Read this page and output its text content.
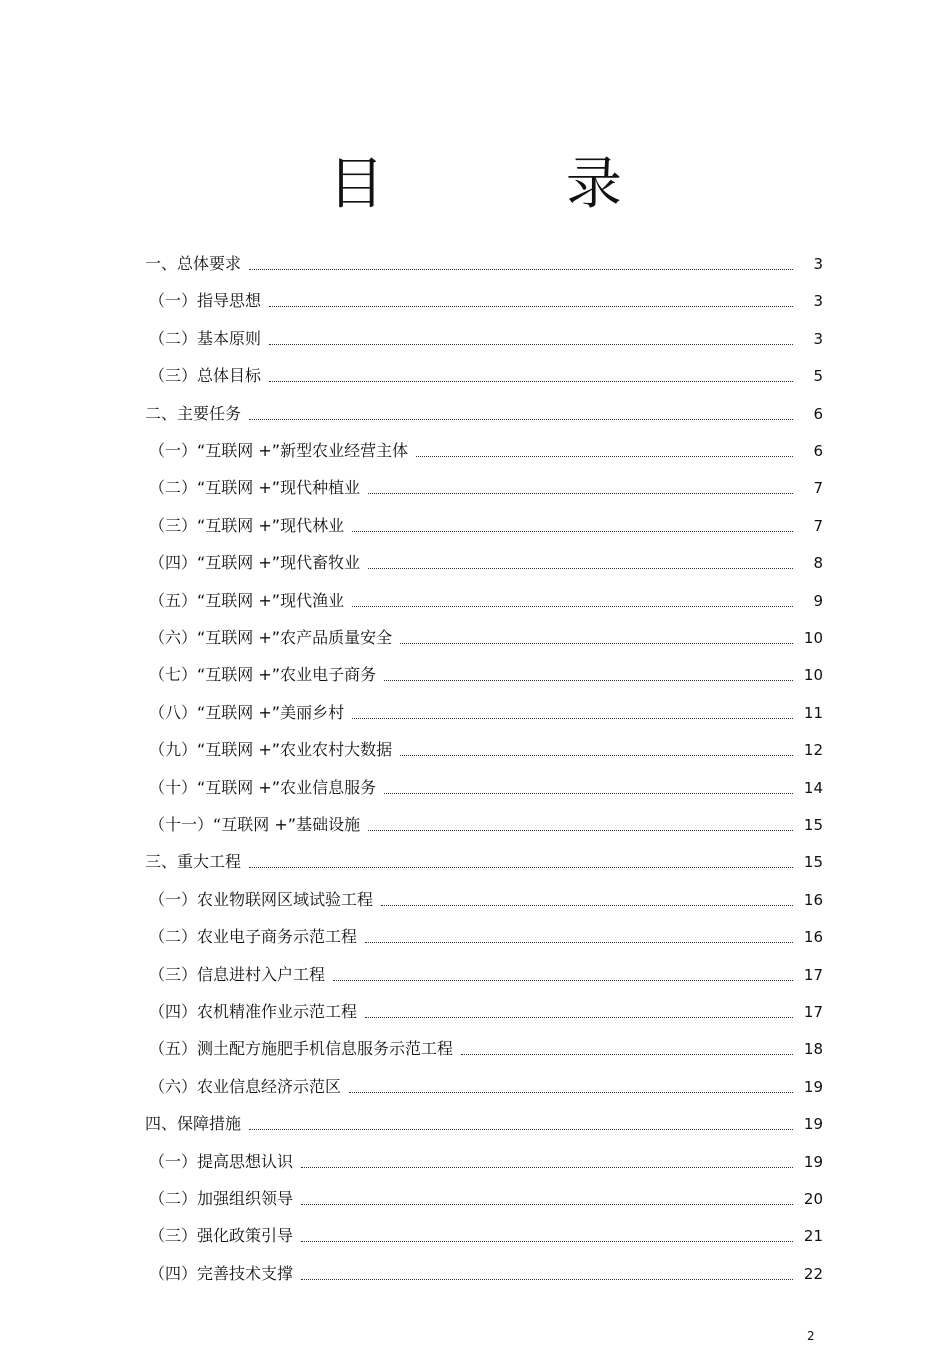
目 录
一、总体要求	3
（一）指导思想	3
（二）基本原则	3
（三）总体目标	5
二、主要任务	6
（一）“互联网 +”新型农业经营主体	6
（二）“互联网 +”现代种植业	7
（三）“互联网 +”现代林业	7
（四）“互联网 +”现代畜牧业	8
（五）“互联网 +”现代渔业	9
（六）“互联网 +”农产品质量安全	10
（七）“互联网 +”农业电子商务	10
（八）“互联网 +”美丽乡村	11
（九）“互联网 +”农业农村大数据	12
（十）“互联网 +”农业信息服务	14
（十一）“互联网 +”基础设施	15
三、重大工程	15
（一）农业物联网区域试验工程	16
（二）农业电子商务示范工程	16
（三）信息进村入户工程	17
（四）农机精准作业示范工程	17
（五）测土配方施肥手机信息服务示范工程	18
（六）农业信息经济示范区	19
四、保障措施	19
（一）提高思想认识	19
（二）加强组织领导	20
（三）强化政策引导	21
（四）完善技术支撑	22
2
